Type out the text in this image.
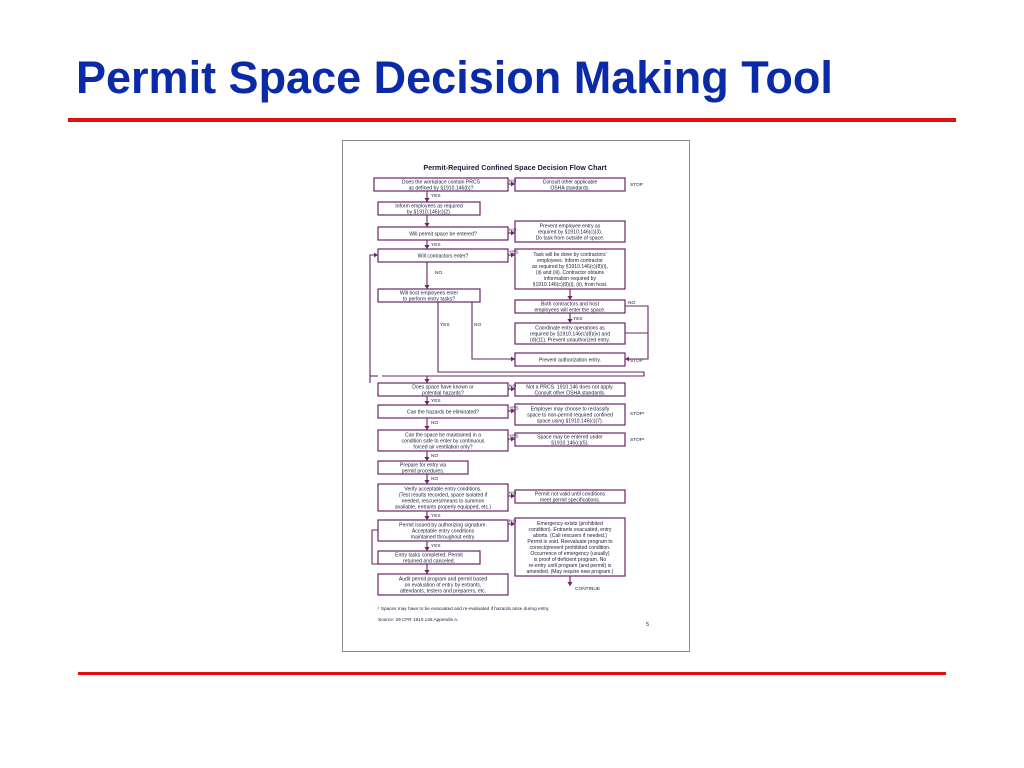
Permit Space Decision Making Tool
Does the workplace contain PRCS
as defined by §1910.146(b)?
Consult other applicable
OSHA standards.
Inform employees as required
by §1910.146(c)(2).
Will permit space be entered?
Prevent employee entry as
required by §1910.146(c)(3).
Do task from outside of space.
Will contractors enter?	Task will be done by contractors'
employees. Inform contractor
as required by §1910.146(c)(8)(i),
(ii) and (iii). Contractor obtains
information required by
§1910.146(c)(9)(i), (ii), from host.
Will host employees enter
to perform entry tasks?
Both contractors and host
employees will enter the space.
Coordinate entry operations as
required by §1910.146(c)(8)(iv) and
(d)(11). Prevent unauthorized entry.
Prevent authorization entry.
Does space have known or
potential hazards?
Not a PRCS. 1910.146 does not apply.
Consult other OSHA standards.
Can the hazards be eliminated?	Employer may choose to reclassify
space to non-permit required confined
space using §1910.146(c)(7).
Can the space be maintained in a
condition safe to enter by continuous
forced air ventilation only?
Space may be entered under
§1910.146(c)(5).
Prepare for entry via
permit procedures.
Verify acceptable entry conditions.
(Test results recorded, space isolated if
needed, rescuers/means to summon
available, entrants properly equipped, etc.)
Permit not valid until conditions
meet permit specifications.
Permit issued by authorizing signature.
Acceptable entry conditions
maintained throughout entry.
Emergency exists (prohibited
condition). Entrants evacuated, entry
aborts. (Call rescuers if needed.)
Permit is void. Reevaluate program to
correct/prevent prohibited condition.
Occurrence of emergency (usually)
is proof of deficient program. No
re-entry until program (and permit) is
amended. (May require new program.)
Entry tasks completed. Permit
returned and canceled.
Audit permit program and permit based
on evaluation of entry by entrants,
attendants, testers and preparers, etc.
Permit-Required Confined Space Decision Flow Chart
YES
YES
YES
NO
NO
NO
YES
YES
NO
NO
YES
NO
YES
YES
NO
STOP
STOP
STOP¹
STOP¹
NO
NO
YES
YES	NO
CONTINUE
NO
¹ Spaces may have to be evacuated and re-evaluated if hazards arise during entry.
Source: 29 CFR 1910.146 Appendix A.
5
